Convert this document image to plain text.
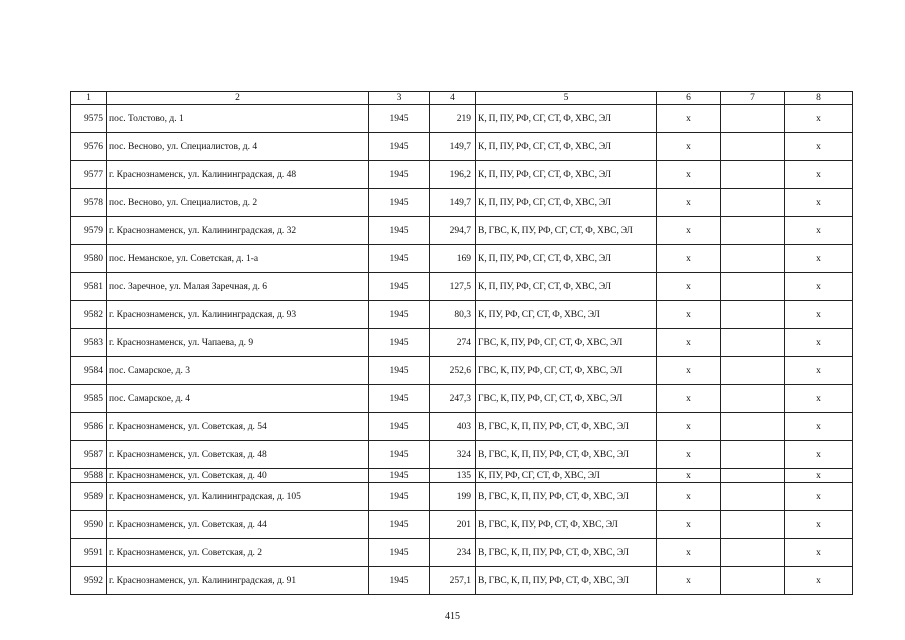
1	2	3	4	5	6	7	8
9575	пос. Толстово, д. 1	1945	219	К, П, ПУ, РФ, СГ, СТ, Ф, ХВС, ЭЛ	х		х
9576	пос. Весново, ул. Специалистов, д. 4	1945	149,7	К, П, ПУ, РФ, СГ, СТ, Ф, ХВС, ЭЛ	х		х
9577	г. Краснознаменск, ул. Калининградская, д. 48	1945	196,2	К, П, ПУ, РФ, СГ, СТ, Ф, ХВС, ЭЛ	х		х
9578	пос. Весново, ул. Специалистов, д. 2	1945	149,7	К, П, ПУ, РФ, СГ, СТ, Ф, ХВС, ЭЛ	х		х
9579	г. Краснознаменск, ул. Калининградская, д. 32	1945	294,7	В, ГВС, К, ПУ, РФ, СГ, СТ, Ф, ХВС, ЭЛ	х		х
9580	пос. Неманское, ул. Советская, д. 1-а	1945	169	К, П, ПУ, РФ, СГ, СТ, Ф, ХВС, ЭЛ	х		х
9581	пос. Заречное, ул. Малая Заречная, д. 6	1945	127,5	К, П, ПУ, РФ, СГ, СТ, Ф, ХВС, ЭЛ	х		х
9582	г. Краснознаменск, ул. Калининградская, д. 93	1945	80,3	К, ПУ, РФ, СГ, СТ, Ф, ХВС, ЭЛ	х		х
9583	г. Краснознаменск, ул. Чапаева, д. 9	1945	274	ГВС, К, ПУ, РФ, СГ, СТ, Ф, ХВС, ЭЛ	х		х
9584	пос. Самарское, д. 3	1945	252,6	ГВС, К, ПУ, РФ, СГ, СТ, Ф, ХВС, ЭЛ	х		х
9585	пос. Самарское, д. 4	1945	247,3	ГВС, К, ПУ, РФ, СГ, СТ, Ф, ХВС, ЭЛ	х		х
9586	г. Краснознаменск, ул. Советская, д. 54	1945	403	В, ГВС, К, П, ПУ, РФ, СТ, Ф, ХВС, ЭЛ	х		х
9587	г. Краснознаменск, ул. Советская, д. 48	1945	324	В, ГВС, К, П, ПУ, РФ, СТ, Ф, ХВС, ЭЛ	х		х
9588	г. Краснознаменск, ул. Советская, д. 40	1945	135	К, ПУ, РФ, СГ, СТ, Ф, ХВС, ЭЛ	х		х
9589	г. Краснознаменск, ул. Калининградская, д. 105	1945	199	В, ГВС, К, П, ПУ, РФ, СТ, Ф, ХВС, ЭЛ	х		х
9590	г. Краснознаменск, ул. Советская, д. 44	1945	201	В, ГВС, К, ПУ, РФ, СТ, Ф, ХВС, ЭЛ	х		х
9591	г. Краснознаменск, ул. Советская, д. 2	1945	234	В, ГВС, К, П, ПУ, РФ, СТ, Ф, ХВС, ЭЛ	х		х
9592	г. Краснознаменск, ул. Калининградская, д. 91	1945	257,1	В, ГВС, К, П, ПУ, РФ, СТ, Ф, ХВС, ЭЛ	х		х
415
